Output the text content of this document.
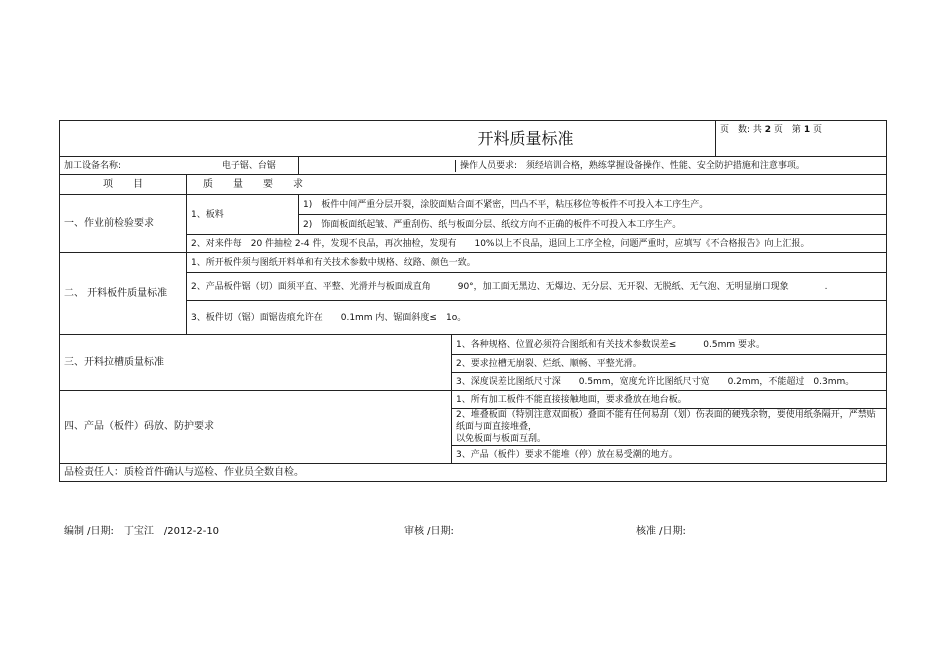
开料质量标准	页　数: 共 2 页　第 1 页
加工设备名称:	电子锯、台锯	
		操作人员要求: 须经培训合格，熟练掌握设备操作、性能、安全防护措施和注意事项。

项　　目	质　　量　　要　　求
一、作业前检验要求	1、板料	1)　板件中间严重分层开裂，涂胶面贴合面不紧密，凹凸不平，粘压移位等板件不可投入本工序生产。
2)　饰面板面纸起皱、严重刮伤、纸与板面分层、纸纹方向不正确的板件不可投入本工序生产。
2、对来件每　20 件抽检 2-4 件，发现不良品，再次抽检，发现有　　10%以上不良品，退回上工序全检，问题严重时，应填写《不合格报告》向上汇报。
二、 开料板件质量标准	1、所开板件须与图纸开料单和有关技术参数中规格、纹路、颜色一致。
2、产品板件锯（切）面须平直、平整、光滑并与板面成直角　　　90°，加工面无黑边、无爆边、无分层、无开裂、无脱纸、无气泡、无明显崩口现象　　　　.
3、板件切（锯）面锯齿痕允许在　　0.1mm 内、锯面斜度≤　1o。
三、开料拉槽质量标准	1、各种规格、位置必须符合图纸和有关技术参数误差≤　　　0.5mm 要求。
2、要求拉槽无崩裂、烂纸、顺畅、平整光滑。
3、深度误差比图纸尺寸深　　0.5mm，宽度允许比图纸尺寸宽　　0.2mm，不能超过　0.3mm。
四、产品（板件）码放、防护要求	1、所有加工板件不能直接接触地面，要求叠放在地台板。

2、堆叠板面（特别注意双面板）叠面不能有任何易刮（划）伤表面的硬残余物，要使用纸条隔开，严禁贴纸面与面直接堆叠，
以免板面与板面互刮。

3、产品（板件）要求不能堆（停）放在易受潮的地方。
品检责任人：质检首件确认与巡检、作业员全数自检。
编制 /日期:　丁宝江　/2012-2-10	审核 /日期:	核准 /日期:
